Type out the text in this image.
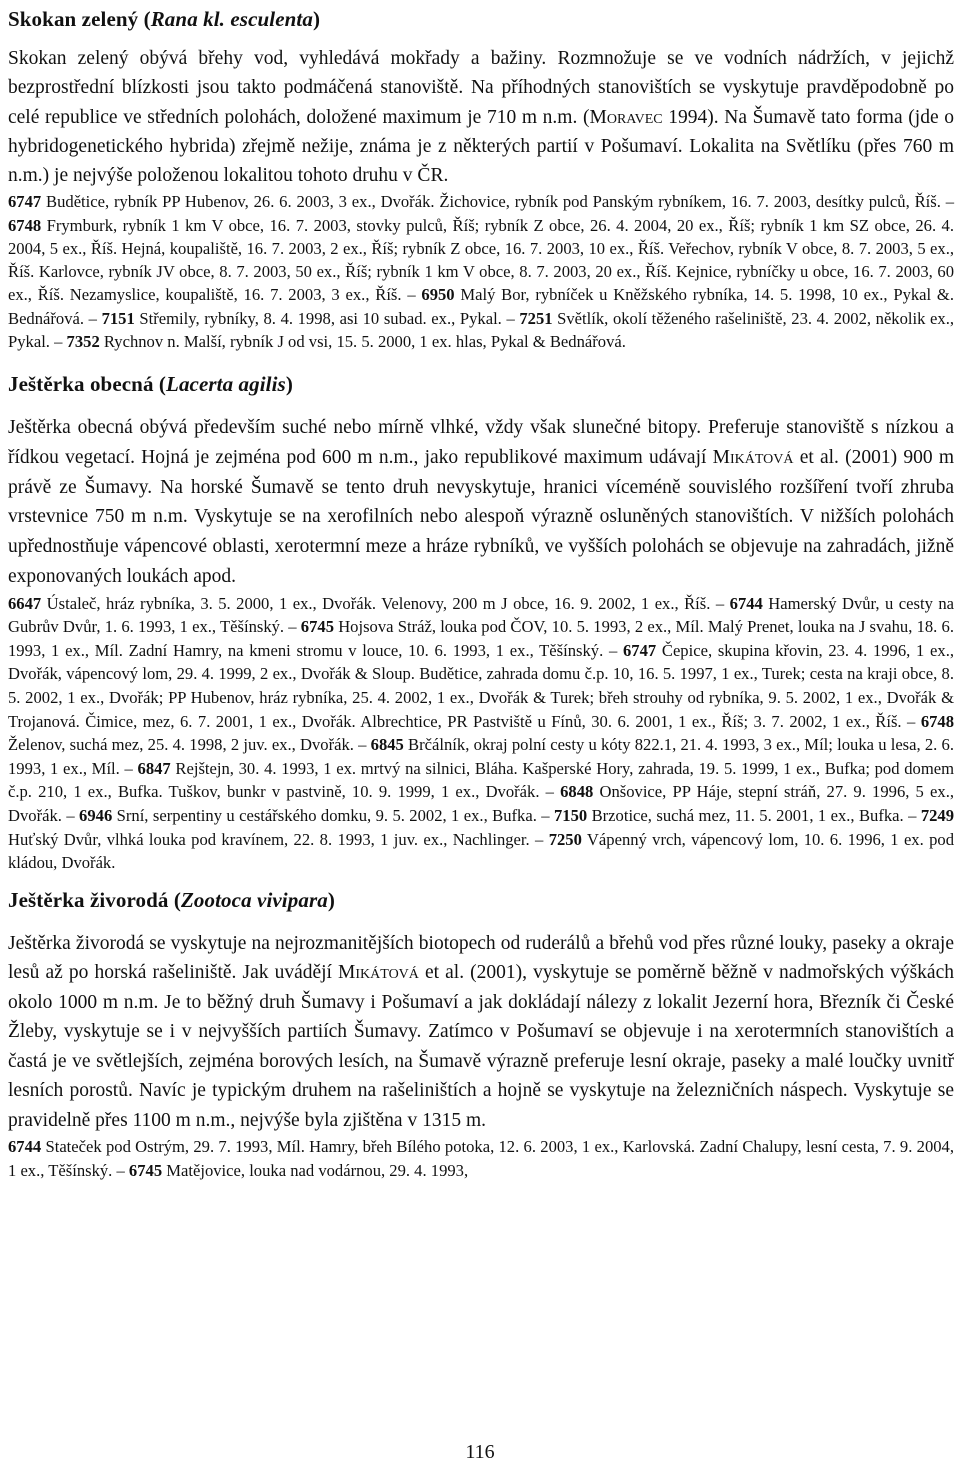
Skokan zelený (Rana kl. esculenta)

Skokan zelený obývá břehy vod, vyhledává mokřady a bažiny. Rozmnožuje se ve vodních nádržích, v jejichž bezprostřední blízkosti jsou takto podmáčená stanoviště. Na příhodných stanovištích se vyskytuje pravděpodobně po celé republice ve středních polohách, doložené maximum je 710 m n.m. (Moravec 1994). Na Šumavě tato forma (jde o hybridogenetického hybrida) zřejmě nežije, známa je z některých partií v Pošumaví. Lokalita na Světlíku (přes 760 m n.m.) je nejvýše položenou lokalitou tohoto druhu v ČR.

6747 Budětice, rybník PP Hubenov, 26. 6. 2003, 3 ex., Dvořák. Žichovice, rybník pod Panským rybníkem, 16. 7. 2003, desítky pulců, Říš. – 6748 Frymburk, rybník 1 km V obce, 16. 7. 2003, stovky pulců, Říš; rybník Z obce, 26. 4. 2004, 20 ex., Říš; rybník 1 km SZ obce, 26. 4. 2004, 5 ex., Říš. Hejná, koupaliště, 16. 7. 2003, 2 ex., Říš; rybník Z obce, 16. 7. 2003, 10 ex., Říš. Veřechov, rybník V obce, 8. 7. 2003, 5 ex., Říš. Karlovce, rybník JV obce, 8. 7. 2003, 50 ex., Říš; rybník 1 km V obce, 8. 7. 2003, 20 ex., Říš. Kejnice, rybníčky u obce, 16. 7. 2003, 60 ex., Říš. Nezamyslice, koupaliště, 16. 7. 2003, 3 ex., Říš. – 6950 Malý Bor, rybníček u Kněžského rybníka, 14. 5. 1998, 10 ex., Pykal &. Bednářová. – 7151 Střemily, rybníky, 8. 4. 1998, asi 10 subad. ex., Pykal. – 7251 Světlík, okolí těženého rašeliniště, 23. 4. 2002, několik ex., Pykal. – 7352 Rychnov n. Malší, rybník J od vsi, 15. 5. 2000, 1 ex. hlas, Pykal & Bednářová.

Ještěrka obecná (Lacerta agilis)

Ještěrka obecná obývá především suché nebo mírně vlhké, vždy však slunečné bitopy. Preferuje stanoviště s nízkou a řídkou vegetací. Hojná je zejména pod 600 m n.m., jako republikové maximum udávají Mikátová et al. (2001) 900 m právě ze Šumavy. Na horské Šumavě se tento druh nevyskytuje, hranici víceméně souvislého rozšíření tvoří zhruba vrstevnice 750 m n.m. Vyskytuje se na xerofilních nebo alespoň výrazně osluněných stanovištích. V nižších polohách upřednostňuje vápencové oblasti, xerotermní meze a hráze rybníků, ve vyšších polohách se objevuje na zahradách, jižně exponovaných loukách apod.

6647 Ústaleč, hráz rybníka, 3. 5. 2000, 1 ex., Dvořák. Velenovy, 200 m J obce, 16. 9. 2002, 1 ex., Říš. – 6744 Hamerský Dvůr, u cesty na Gubrův Dvůr, 1. 6. 1993, 1 ex., Těšínský. – 6745 Hojsova Stráž, louka pod ČOV, 10. 5. 1993, 2 ex., Míl. Malý Prenet, louka na J svahu, 18. 6. 1993, 1 ex., Míl. Zadní Hamry, na kmeni stromu v louce, 10. 6. 1993, 1 ex., Těšínský. – 6747 Čepice, skupina křovin, 23. 4. 1996, 1 ex., Dvořák, vápencový lom, 29. 4. 1999, 2 ex., Dvořák & Sloup. Budětice, zahrada domu č.p. 10, 16. 5. 1997, 1 ex., Turek; cesta na kraji obce, 8. 5. 2002, 1 ex., Dvořák; PP Hubenov, hráz rybníka, 25. 4. 2002, 1 ex., Dvořák & Turek; břeh strouhy od rybníka, 9. 5. 2002, 1 ex., Dvořák & Trojanová. Čimice, mez, 6. 7. 2001, 1 ex., Dvořák. Albrechtice, PR Pastviště u Fínů, 30. 6. 2001, 1 ex., Říš; 3. 7. 2002, 1 ex., Říš. – 6748 Želenov, suchá mez, 25. 4. 1998, 2 juv. ex., Dvořák. – 6845 Brčálník, okraj polní cesty u kóty 822.1, 21. 4. 1993, 3 ex., Míl; louka u lesa, 2. 6. 1993, 1 ex., Míl. – 6847 Rejštejn, 30. 4. 1993, 1 ex. mrtvý na silnici, Bláha. Kašperské Hory, zahrada, 19. 5. 1999, 1 ex., Bufka; pod domem č.p. 210, 1 ex., Bufka. Tuškov, bunkr v pastvině, 10. 9. 1999, 1 ex., Dvořák. – 6848 Onšovice, PP Háje, stepní stráň, 27. 9. 1996, 5 ex., Dvořák. – 6946 Srní, serpentiny u cestářského domku, 9. 5. 2002, 1 ex., Bufka. – 7150 Brzotice, suchá mez, 11. 5. 2001, 1 ex., Bufka. – 7249 Huťský Dvůr, vlhká louka pod kravínem, 22. 8. 1993, 1 juv. ex., Nachlinger. – 7250 Vápenný vrch, vápencový lom, 10. 6. 1996, 1 ex. pod kládou, Dvořák.

Ještěrka živorodá (Zootoca vivipara)

Ještěrka živorodá se vyskytuje na nejrozmanitějších biotopech od ruderálů a břehů vod přes různé louky, paseky a okraje lesů až po horská rašeliniště. Jak uvádějí Mikátová et al. (2001), vyskytuje se poměrně běžně v nadmořských výškách okolo 1000 m n.m. Je to běžný druh Šumavy i Pošumaví a jak dokládají nálezy z lokalit Jezerní hora, Březník či České Žleby, vyskytuje se i v nejvyšších partiích Šumavy. Zatímco v Pošumaví se objevuje i na xerotermních stanovištích a častá je ve světlejších, zejména borových lesích, na Šumavě výrazně preferuje lesní okraje, paseky a malé loučky uvnitř lesních porostů. Navíc je typickým druhem na rašeliništích a hojně se vyskytuje na železničních náspech. Vyskytuje se pravidelně přes 1100 m n.m., nejvýše byla zjištěna v 1315 m.

6744 Stateček pod Ostrým, 29. 7. 1993, Míl. Hamry, břeh Bílého potoka, 12. 6. 2003, 1 ex., Karlovská. Zadní Chalupy, lesní cesta, 7. 9. 2004, 1 ex., Těšínský. – 6745 Matějovice, louka nad vodárnou, 29. 4. 1993,

116
